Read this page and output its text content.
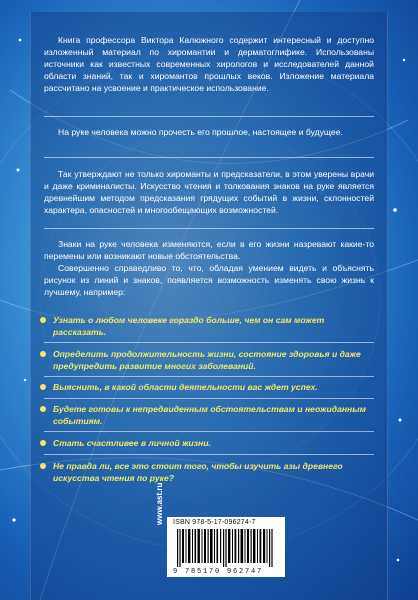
Книга профессора Виктора Калюжного содержит интересный и доступно изложенный материал по хиромантии и дерматоглифике. Использованы источники как известных современных хирологов и исследователей данной области знаний, так и хиромантов прошлых веков. Изложение материала рассчитано на усвоение и практическое использование.

На руке человека можно прочесть его прошлое, настоящее и будущее.

Так утверждают не только хироманты и предсказатели, в этом уверены врачи и даже криминалисты. Искусство чтения и толкования знаков на руке является древнейшим методом предсказания грядущих событий в жизни, склонностей характера, опасностей и многообещающих возможностей.

Знаки на руке человека изменяются, если в его жизни назревают какие-то перемены или возникают новые обстоятельства.

Совершенно справедливо то, что, обладая умением видеть и объяснять рисунок из линий и знаков, появляется возможность изменять свою жизнь к лучшему, например:

Узнать о любом человеке гораздо больше, чем он сам может рассказать.
Определить продолжительность жизни, состояние здоровья и даже предупредить развитие многих заболеваний.
Выяснить, в какой области деятельности вас ждет успех.
Будете готовы к непредвиденным обстоятельствам и неожиданным событиям.
Стать счастливее в личной жизни.
Не правда ли, все это стоит того, чтобы изучить азы древнего искусства чтения по руке?
www.ast.ru ISBN 978-5-17-096274-7
9 785170 962747
